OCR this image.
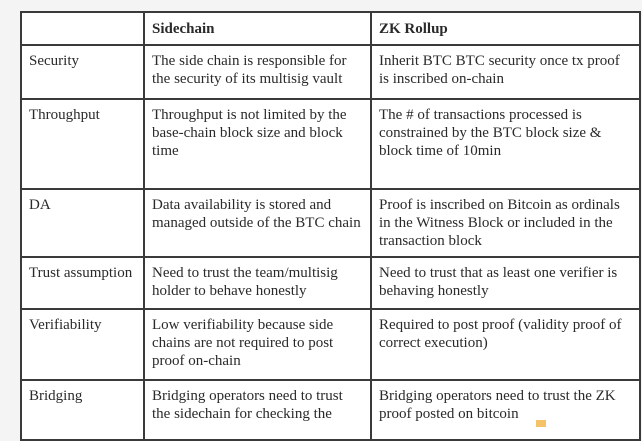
	Sidechain	ZK Rollup
Security	The side chain is responsible for the security of its multisig vault	Inherit BTC BTC security once tx proof is inscribed on-chain
Throughput	Throughput is not limited by the base-chain block size and block time	The # of transactions processed is constrained by the BTC block size & block time of 10min
DA	Data availability is stored and managed outside of the BTC chain	Proof is inscribed on Bitcoin as ordinals in the Witness Block or included in the transaction block
Trust assumption	Need to trust the team/multisig holder to behave honestly	Need to trust that as least one verifier is behaving honestly
Verifiability	Low verifiability because side chains are not required to post proof on-chain	Required to post proof (validity proof of correct execution)
Bridging	Bridging operators need to trust the sidechain for checking the	Bridging operators need to trust the ZK proof posted on bitcoin
